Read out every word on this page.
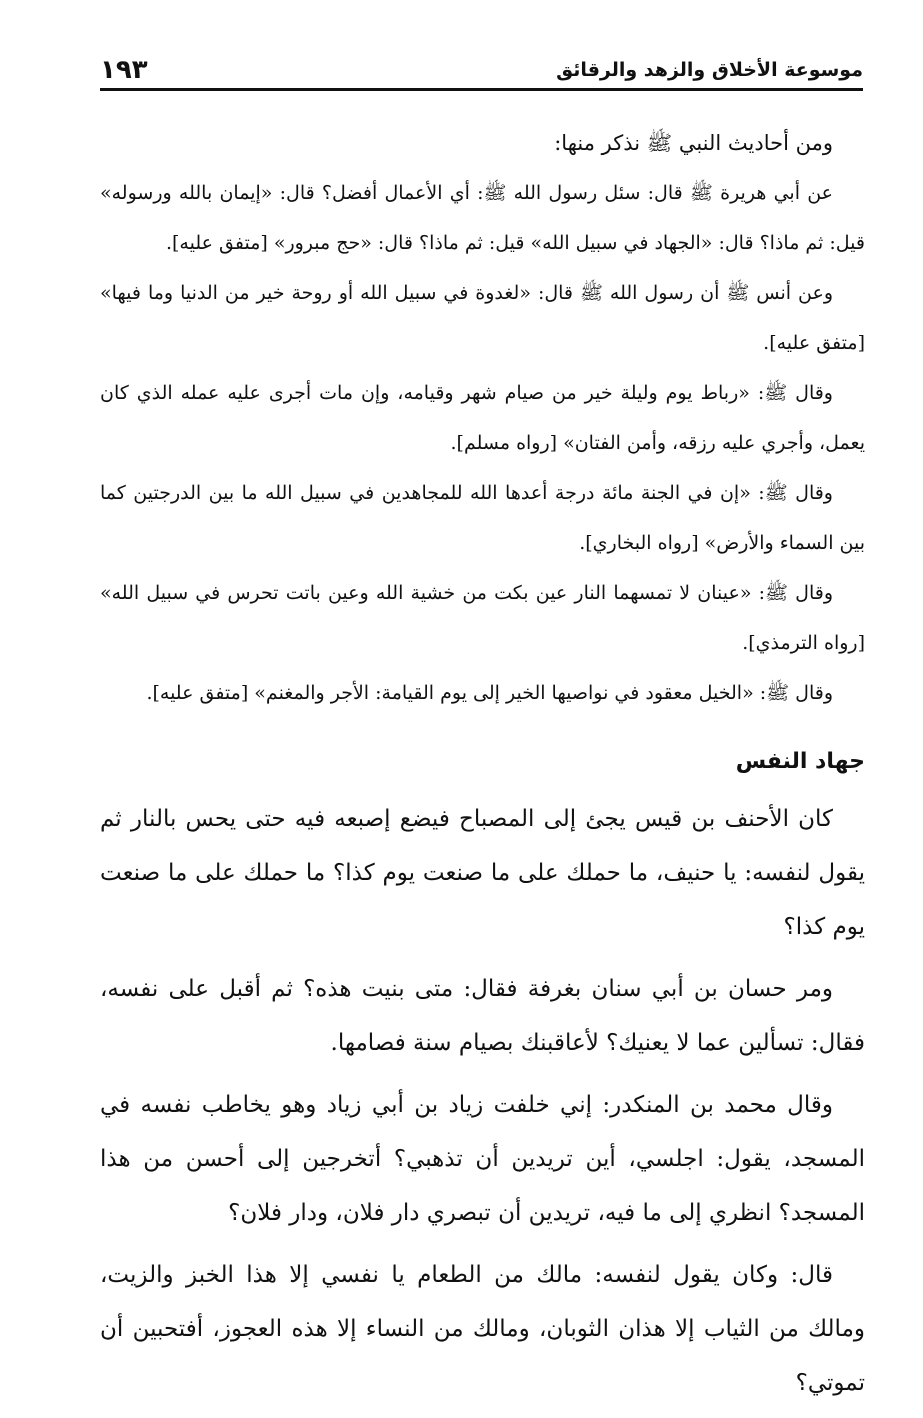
موسوعة الأخلاق والزهد والرقائق
١٩٣

ومن أحاديث النبي ﷺ نذكر منها:

عن أبي هريرة ﷺ قال: سئل رسول الله ﷺ: أي الأعمال أفضل؟ قال: «إيمان بالله ورسوله» قيل: ثم ماذا؟ قال: «الجهاد في سبيل الله» قيل: ثم ماذا؟ قال: «حج مبرور» [متفق عليه].

وعن أنس ﷺ أن رسول الله ﷺ قال: «لغدوة في سبيل الله أو روحة خير من الدنيا وما فيها» [متفق عليه].

وقال ﷺ: «رباط يوم وليلة خير من صيام شهر وقيامه، وإن مات أجرى عليه عمله الذي كان يعمل، وأجري عليه رزقه، وأمن الفتان» [رواه مسلم].

وقال ﷺ: «إن في الجنة مائة درجة أعدها الله للمجاهدين في سبيل الله ما بين الدرجتين كما بين السماء والأرض» [رواه البخاري].

وقال ﷺ: «عينان لا تمسهما النار عين بكت من خشية الله وعين باتت تحرس في سبيل الله» [رواه الترمذي].

وقال ﷺ: «الخيل معقود في نواصيها الخير إلى يوم القيامة: الأجر والمغنم» [متفق عليه].

جهاد النفس

كان الأحنف بن قيس يجئ إلى المصباح فيضع إصبعه فيه حتى يحس بالنار ثم يقول لنفسه: يا حنيف، ما حملك على ما صنعت يوم كذا؟ ما حملك على ما صنعت يوم كذا؟

ومر حسان بن أبي سنان بغرفة فقال: متى بنيت هذه؟ ثم أقبل على نفسه، فقال: تسألين عما لا يعنيك؟ لأعاقبنك بصيام سنة فصامها.

وقال محمد بن المنكدر: إني خلفت زياد بن أبي زياد وهو يخاطب نفسه في المسجد، يقول: اجلسي، أين تريدين أن تذهبي؟ أتخرجين إلى أحسن من هذا المسجد؟ انظري إلى ما فيه، تريدين أن تبصري دار فلان، ودار فلان؟

قال: وكان يقول لنفسه: مالك من الطعام يا نفسي إلا هذا الخبز والزيت، ومالك من الثياب إلا هذان الثوبان، ومالك من النساء إلا هذه العجوز، أفتحبين أن تموتي؟
